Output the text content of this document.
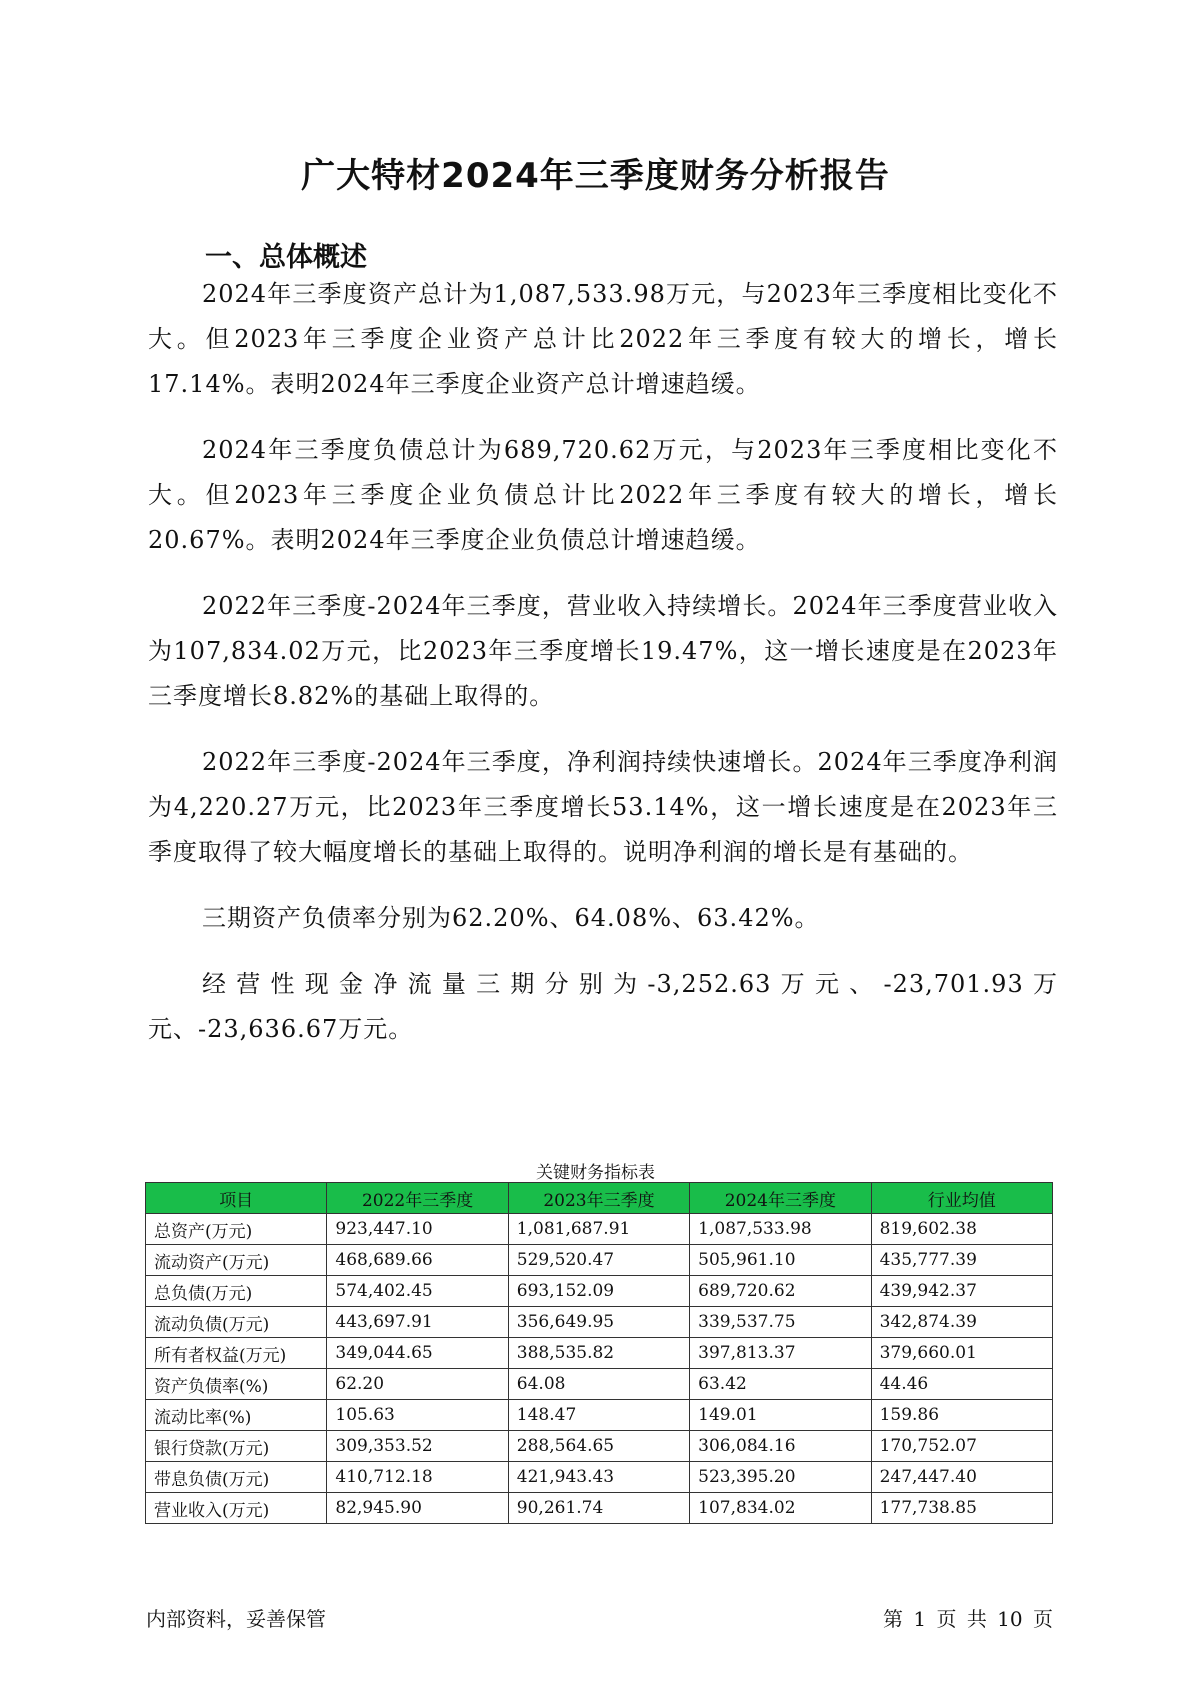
广大特材2024年三季度财务分析报告
一、总体概述

2024年三季度资产总计为1,087,533.98万元，与2023年三季度相比变化不大。但2023年三季度企业资产总计比2022年三季度有较大的增长，增长17.14%。表明2024年三季度企业资产总计增速趋缓。

2024年三季度负债总计为689,720.62万元，与2023年三季度相比变化不大。但2023年三季度企业负债总计比2022年三季度有较大的增长，增长20.67%。表明2024年三季度企业负债总计增速趋缓。

2022年三季度-2024年三季度，营业收入持续增长。2024年三季度营业收入为107,834.02万元，比2023年三季度增长19.47%，这一增长速度是在2023年三季度增长8.82%的基础上取得的。

2022年三季度-2024年三季度，净利润持续快速增长。2024年三季度净利润为4,220.27万元，比2023年三季度增长53.14%，这一增长速度是在2023年三季度取得了较大幅度增长的基础上取得的。说明净利润的增长是有基础的。

三期资产负债率分别为62.20%、64.08%、63.42%。

经营性现金净流量三期分别为-3,252.63万元、-23,701.93万元、-23,636.67万元。

关键财务指标表
项目	2022年三季度	2023年三季度	2024年三季度	行业均值
总资产(万元)	923,447.10	1,081,687.91	1,087,533.98	819,602.38
流动资产(万元)	468,689.66	529,520.47	505,961.10	435,777.39
总负债(万元)	574,402.45	693,152.09	689,720.62	439,942.37
流动负债(万元)	443,697.91	356,649.95	339,537.75	342,874.39
所有者权益(万元)	349,044.65	388,535.82	397,813.37	379,660.01
资产负债率(%)	62.20	64.08	63.42	44.46
流动比率(%)	105.63	148.47	149.01	159.86
银行贷款(万元)	309,353.52	288,564.65	306,084.16	170,752.07
带息负债(万元)	410,712.18	421,943.43	523,395.20	247,447.40
营业收入(万元)	82,945.90	90,261.74	107,834.02	177,738.85
内部资料，妥善保管	第 1 页 共 10 页
